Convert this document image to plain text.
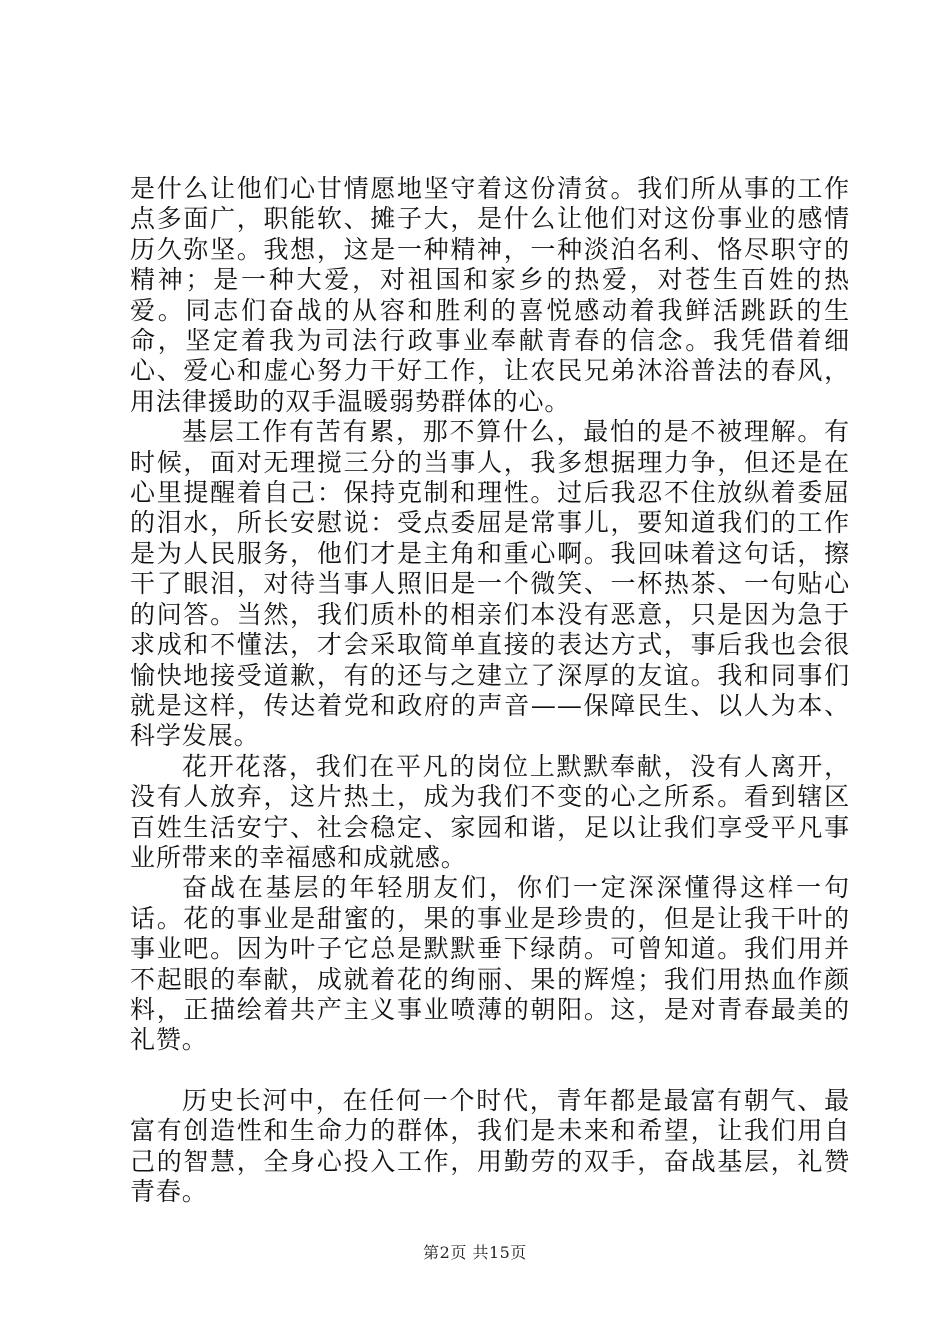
是什么让他们心甘情愿地坚守着这份清贫。我们所从事的工作点多面广，职能软、摊子大，是什么让他们对这份事业的感情历久弥坚。我想，这是一种精神，一种淡泊名利、恪尽职守的精神；是一种大爱，对祖国和家乡的热爱，对苍生百姓的热爱。同志们奋战的从容和胜利的喜悦感动着我鲜活跳跃的生命，坚定着我为司法行政事业奉献青春的信念。我凭借着细心、爱心和虚心努力干好工作，让农民兄弟沐浴普法的春风，用法律援助的双手温暖弱势群体的心。

基层工作有苦有累，那不算什么，最怕的是不被理解。有时候，面对无理搅三分的当事人，我多想据理力争，但还是在心里提醒着自己：保持克制和理性。过后我忍不住放纵着委屈的泪水，所长安慰说：受点委屈是常事儿，要知道我们的工作是为人民服务，他们才是主角和重心啊。我回味着这句话，擦干了眼泪，对待当事人照旧是一个微笑、一杯热茶、一句贴心的问答。当然，我们质朴的相亲们本没有恶意，只是因为急于求成和不懂法，才会采取简单直接的表达方式，事后我也会很愉快地接受道歉，有的还与之建立了深厚的友谊。我和同事们就是这样，传达着党和政府的声音——保障民生、以人为本、科学发展。

花开花落，我们在平凡的岗位上默默奉献，没有人离开，没有人放弃，这片热土，成为我们不变的心之所系。看到辖区百姓生活安宁、社会稳定、家园和谐，足以让我们享受平凡事业所带来的幸福感和成就感。

奋战在基层的年轻朋友们，你们一定深深懂得这样一句话。花的事业是甜蜜的，果的事业是珍贵的，但是让我干叶的事业吧。因为叶子它总是默默垂下绿荫。可曾知道。我们用并不起眼的奉献，成就着花的绚丽、果的辉煌；我们用热血作颜料，正描绘着共产主义事业喷薄的朝阳。这，是对青春最美的礼赞。

历史长河中，在任何一个时代，青年都是最富有朝气、最富有创造性和生命力的群体，我们是未来和希望，让我们用自己的智慧，全身心投入工作，用勤劳的双手，奋战基层，礼赞青春。

第2页 共15页
